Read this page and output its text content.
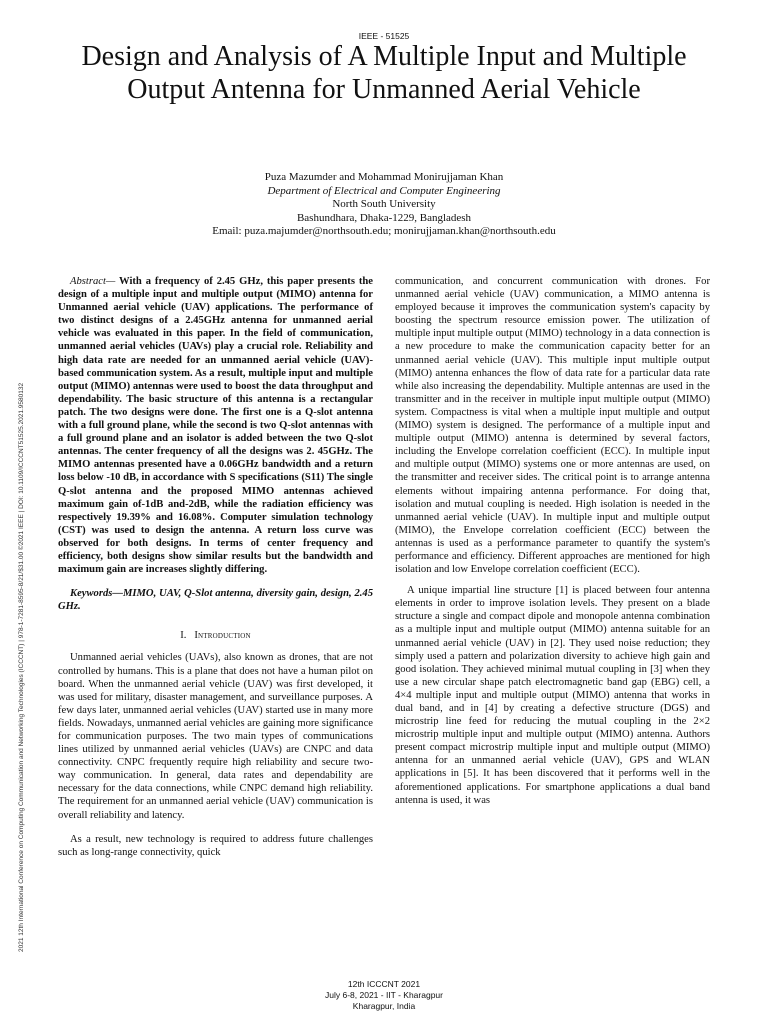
IEEE - 51525
Design and Analysis of A Multiple Input and Multiple Output Antenna for Unmanned Aerial Vehicle
Puza Mazumder and Mohammad Monirujjaman Khan
Department of Electrical and Computer Engineering
North South University
Bashundhara, Dhaka-1229, Bangladesh
Email: puza.majumder@northsouth.edu; monirujjaman.khan@northsouth.edu
2021 12th International Conference on Computing Communication and Networking Technologies (ICCCNT) | 978-1-7281-8595-8/21/$31.00 ©2021 IEEE | DOI: 10.1109/ICCCNT51525.2021.9580132

Abstract— With a frequency of 2.45 GHz, this paper presents the design of a multiple input and multiple output (MIMO) antenna for Unmanned aerial vehicle (UAV) applications. The performance of two distinct designs of a 2.45GHz antenna for unmanned aerial vehicle was evaluated in this paper. In the field of communication, unmanned aerial vehicles (UAVs) play a crucial role. Reliability and high data rate are needed for an unmanned aerial vehicle (UAV)-based communication system. As a result, multiple input and multiple output (MIMO) antennas were used to boost the data throughput and dependability. The basic structure of this antenna is a rectangular patch. The two designs were done. The first one is a Q-slot antenna with a full ground plane, while the second is two Q-slot antennas with a full ground plane and an isolator is added between the two Q-slot antennas. The center frequency of all the designs was 2. 45GHz. The MIMO antennas presented have a 0.06GHz bandwidth and a return loss below -10 dB, in accordance with S specifications (S11) The single Q-slot antenna and the proposed MIMO antennas achieved maximum gain of-1dB and-2dB, while the radiation efficiency was respectively 19.39% and 16.08%. Computer simulation technology (CST) was used to design the antenna. A return loss curve was observed for both designs. In terms of center frequency and efficiency, both designs show similar results but the bandwidth and maximum gain are increases slightly differing.

Keywords—MIMO, UAV, Q-Slot antenna, diversity gain, design, 2.45 GHz.

I. Introduction

Unmanned aerial vehicles (UAVs), also known as drones, that are not controlled by humans. This is a plane that does not have a human pilot on board. When the unmanned aerial vehicle (UAV) was first developed, it was used for military, disaster management, and surveillance purposes. A few days later, unmanned aerial vehicles (UAV) started use in many more fields. Nowadays, unmanned aerial vehicles are gaining more significance for communication purposes. The two main types of communications lines utilized by unmanned aerial vehicles (UAVs) are CNPC and data connectivity. CNPC frequently require high reliability and secure two-way communication. In general, data rates and dependability are necessary for the data connections, while CNPC demand high reliability. The requirement for an unmanned aerial vehicle (UAV) communication is overall reliability and latency.

As a result, new technology is required to address future challenges such as long-range connectivity, quick

communication, and concurrent communication with drones. For unmanned aerial vehicle (UAV) communication, a MIMO antenna is employed because it improves the communication system's capacity by boosting the spectrum resource emission power. The utilization of multiple input multiple output (MIMO) technology in a data connection is a new procedure to make the communication capacity better for an unmanned aerial vehicle (UAV). This multiple input multiple output (MIMO) antenna enhances the flow of data rate for a particular data rate while also increasing the dependability. Multiple antennas are used in the transmitter and in the receiver in multiple input multiple output (MIMO) system. Compactness is vital when a multiple input multiple and output (MIMO) system is designed. The performance of a multiple input and multiple output (MIMO) antenna is determined by several factors, including the Envelope correlation coefficient (ECC). In multiple input and multiple output (MIMO) systems one or more antennas are used, on the transmitter and receiver sides. The critical point is to arrange antenna elements without impairing antenna performance. For doing that, isolation and mutual coupling is needed. High isolation is needed in the unmanned aerial vehicle (UAV). In multiple input and multiple output (MIMO), the Envelope correlation coefficient (ECC) between the antennas is used as a performance parameter to quantify the system's performance and efficiency. Different approaches are mentioned for high isolation and low Envelope correlation coefficient (ECC).

A unique impartial line structure [1] is placed between four antenna elements in order to improve isolation levels. They present on a blade structure a single and compact dipole and monopole antenna combination as a multiple input and multiple output (MIMO) antenna suitable for an unmanned aerial vehicle (UAV) in [2]. They used noise reduction; they simply used a pattern and polarization diversity to achieve high gain and good isolation. They achieved minimal mutual coupling in [3] when they use a new circular shape patch electromagnetic band gap (EBG) cell, a 4×4 multiple input and multiple output (MIMO) antenna that works in dual band, and in [4] by creating a defective structure (DGS) and microstrip line feed for reducing the mutual coupling in the 2×2 microstrip multiple input and multiple output (MIMO) antenna. Authors present compact microstrip multiple input and multiple output (MIMO) antenna for an unmanned aerial vehicle (UAV), GPS and WLAN applications in [5]. It has been discovered that it performs well in the aforementioned applications. For smartphone applications a dual band antenna is used, it was

12th ICCCNT 2021
July 6-8, 2021 - IIT - Kharagpur
Kharagpur, India
